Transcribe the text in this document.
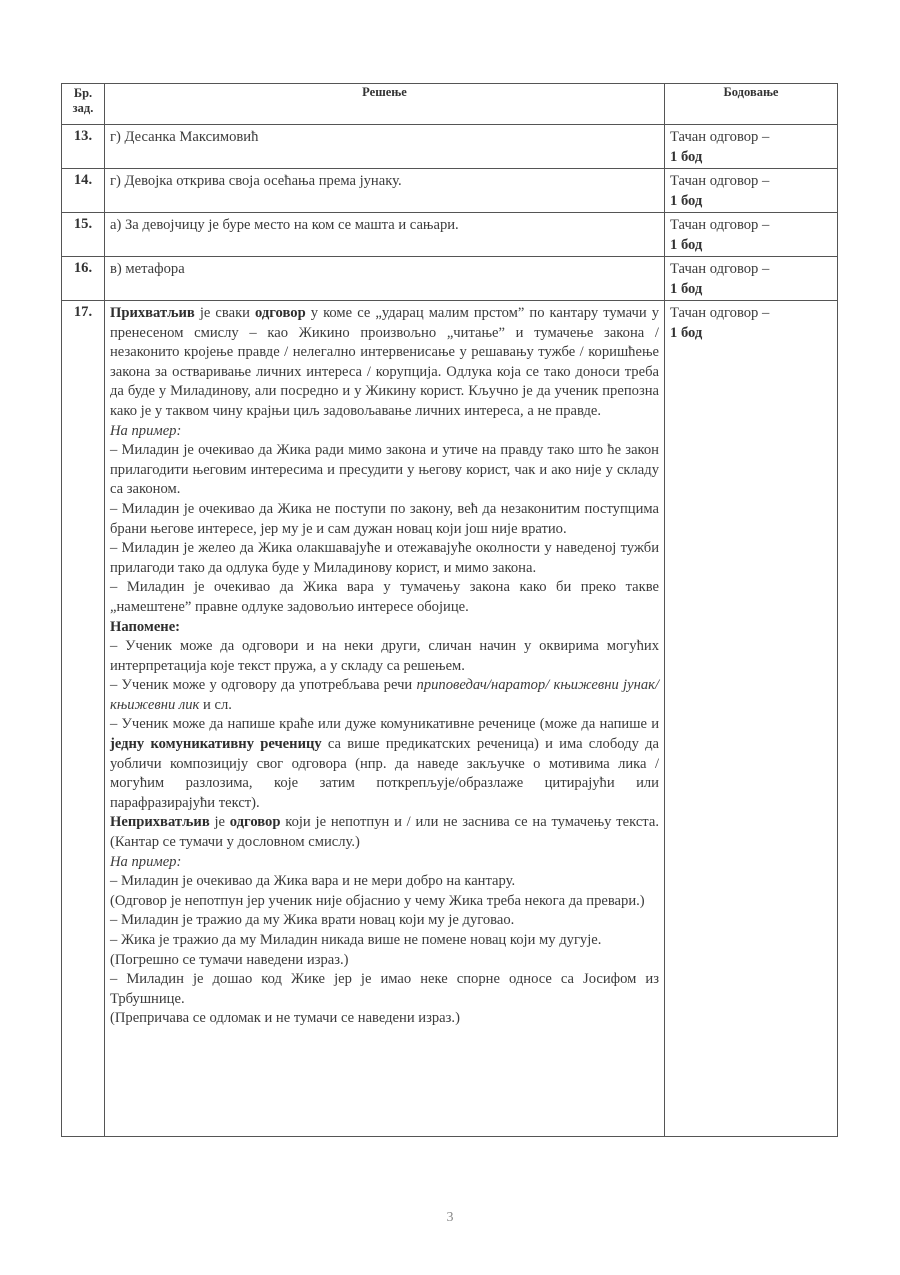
Бр.
зад.	Решење	Бодовање
13.	г) Десанка Максимовић	Тачан одговор –
1 бод

14.	г) Девојка открива своја осећања према јунаку.	Тачан одговор –
1 бод

15.	а) За девојчицу је буре место на ком се машта и сањари.	Тачан одговор –
1 бод

16.	в) метафора	Тачан одговор –
1 бод

17.	Прихватљив је сваки одговор у коме се „ударац малим прстом” по кантару тумачи у пренесеном смислу – као Жикино произвољно „читање” и тумачење закона / незаконито кројење правде / нелегално интервенисање у решавању тужбе / коришћење закона за остваривање личних интереса / корупција. Одлука која се тако доноси треба да буде у Миладинову, али посредно и у Жикину корист. Кључно је да ученик препозна како је у таквом чину крајњи циљ задовољавање личних интереса, а не правде.
На пример:
– Миладин је очекивао да Жика ради мимо закона и утиче на правду тако што ће закон прилагодити његовим интересима и пресудити у његову корист, чак и ако није у складу са законом.
– Миладин је очекивао да Жика не поступи по закону, већ да незаконитим поступцима брани његове интересе, јер му је и сам дужан новац који још није вратио.
– Миладин је желео да Жика олакшавајуће и отежавајуће околности у наведеној тужби прилагоди тако да одлука буде у Миладинову корист, и мимо закона.
– Миладин је очекивао да Жика вара у тумачењу закона како би преко такве „намештене” правне одлуке задовољио интересе обојице.
Напомене:
– Ученик може да одговори и на неки други, сличан начин у оквирима могућих интерпретација које текст пружа, а у складу са решењем.
– Ученик може у одговору да употребљава речи приповедач/наратор/ књижевни јунак/књижевни лик и сл.
– Ученик може да напише краће или дуже комуникативне реченице (може да напише и једну комуникативну реченицу са више предикатских реченица) и има слободу да уобличи композицију свог одговора (нпр. да наведе закључке о мотивима лика / могућим разлозима, које затим поткрепљује/образлаже цитирајући или парафразирајући текст).
Неприхватљив је одговор који је непотпун и / или не заснива се на тумачењу текста. (Кантар се тумачи у дословном смислу.)
На пример:
– Миладин је очекивао да Жика вара и не мери добро на кантару.
(Одговор је непотпун јер ученик није објаснио у чему Жика треба некога да превари.)
– Миладин је тражио да му Жика врати новац који му је дуговао.
– Жика је тражио да му Миладин никада више не помене новац који му дугује.
(Погрешно се тумачи наведени израз.)
– Миладин је дошао код Жике јер је имао неке спорне односе са Јосифом из Трбушнице.
(Препричава се одломак и не тумачи се наведени израз.)

Тачан одговор –
1 бод
3
